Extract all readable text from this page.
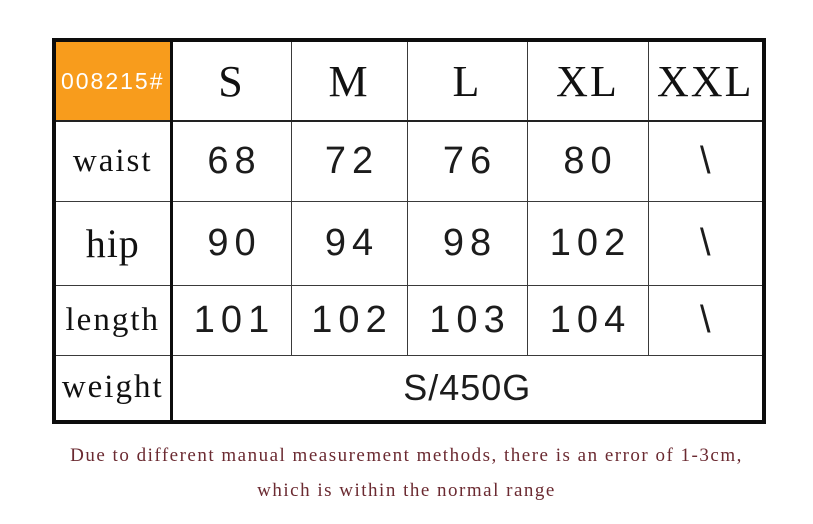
008215#	S	M	L	XL	XXL
waist	68	72	76	80	\
hip	90	94	98	102	\
length	101	102	103	104	\
weight	S/450G				
Due to different manual measurement methods, there is an error of 1-3cm,
which is within the normal range
